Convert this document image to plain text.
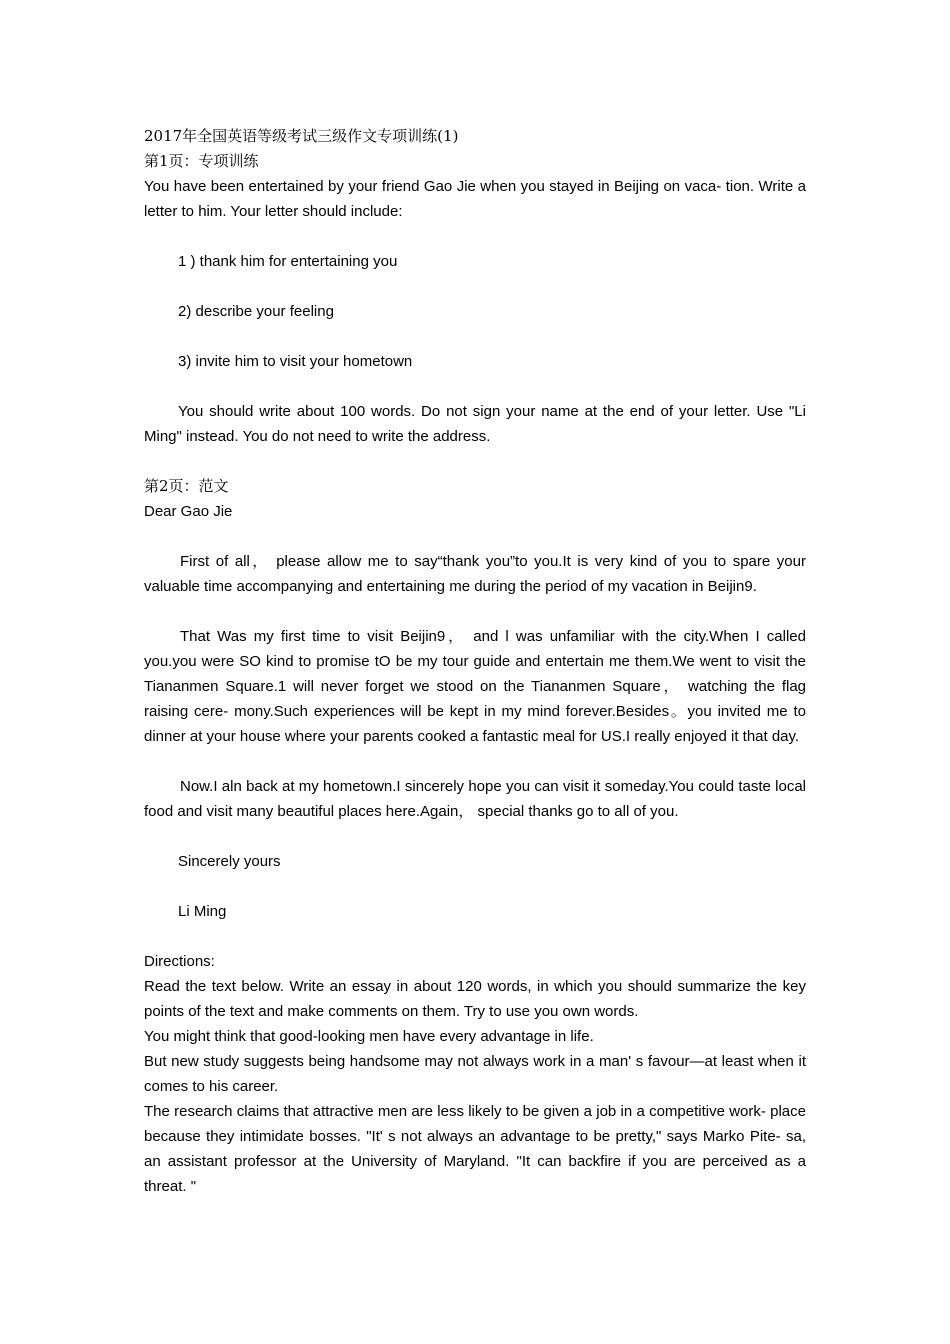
2017年全国英语等级考试三级作文专项训练(1)

第1页：专项训练

You have been entertained by your friend Gao Jie when you stayed in Beijing on vaca- tion. Write a letter to him. Your letter should include:

1 ) thank him for entertaining you

2) describe your feeling

3) invite him to visit your hometown

You should write about 100 words. Do not sign your name at the end of your letter. Use "Li Ming" instead. You do not need to write the address.

第2页：范文

Dear Gao Jie

First of all， please allow me to say“thank you”to you.It is very kind of you to spare your valuable time accompanying and entertaining me during the period of my vacation in Beijin9.

That Was my first time to visit Beijin9， and l was unfamiliar with the city.When I called you.you were SO kind to promise tO be my tour guide and entertain me them.We went to visit the Tiananmen Square.1 will never forget we stood on the Tiananmen Square， watching the flag raising cere- mony.Such experiences will be kept in my mind forever.Besides。you invited me to dinner at your house where your parents cooked a fantastic meal for US.I really enjoyed it that day.

Now.I aln back at my hometown.I sincerely hope you can visit it someday.You could taste local food and visit many beautiful places here.Again， special thanks go to all of you.

Sincerely yours

Li Ming

Directions:

Read the text below. Write an essay in about 120 words, in which you should summarize the key points of the text and make comments on them. Try to use you own words.

You might think that good-looking men have every advantage in life.

But new study suggests being handsome may not always work in a man' s favour—at least when it comes to his career.

The research claims that attractive men are less likely to be given a job in a competitive work- place because they intimidate bosses. "It' s not always an advantage to be pretty," says Marko Pite- sa, an assistant professor at the University of Maryland. "It can backfire if you are perceived as a threat. "
